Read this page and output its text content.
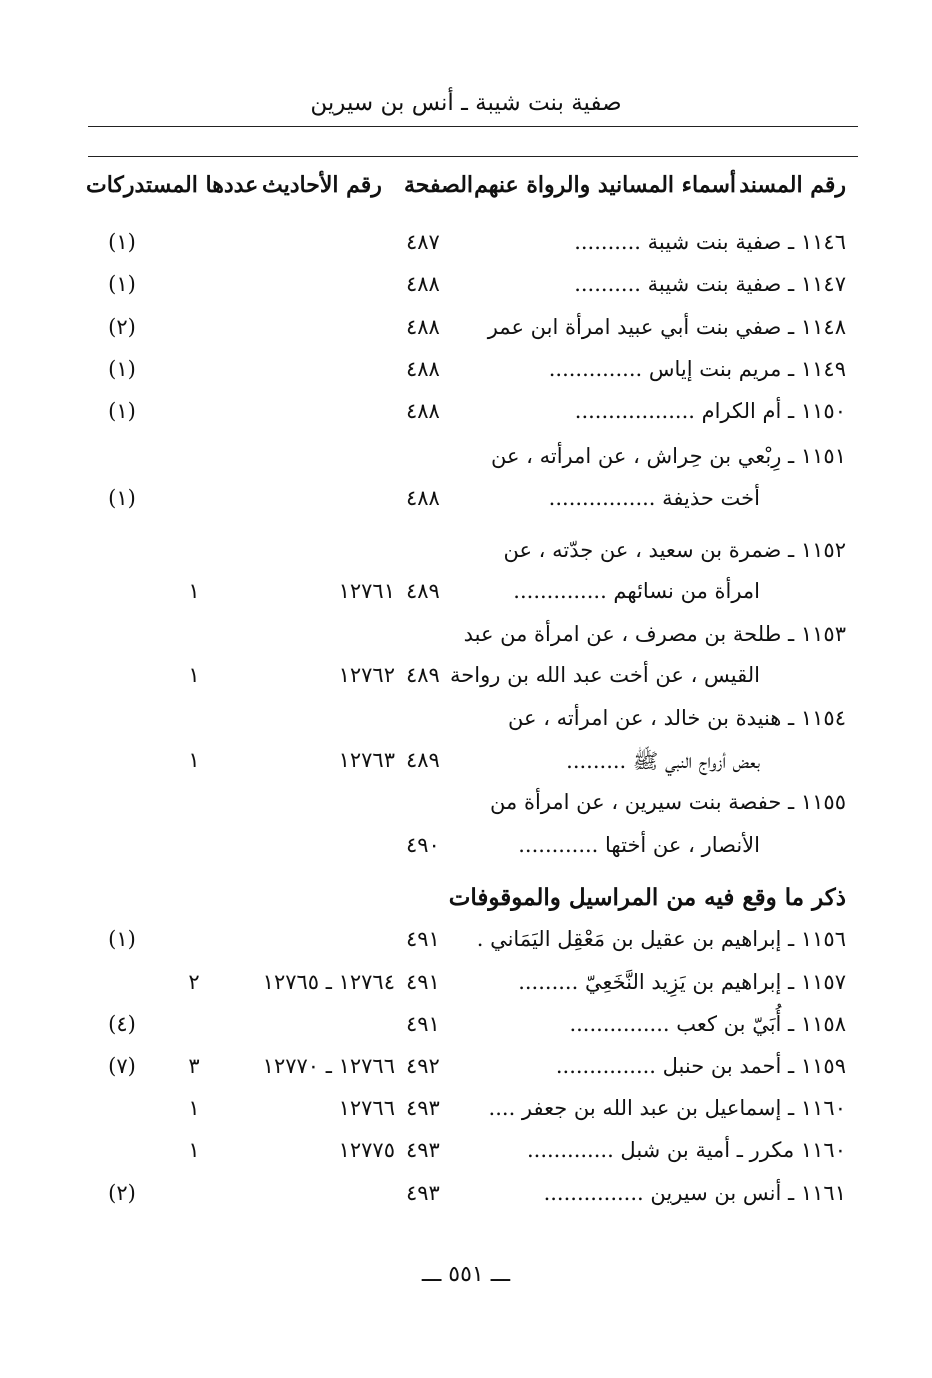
صفية بنت شيبة ـ أنس بن سيرين
رقم المسند
أسماء المسانيد والرواة عنهم
الصفحة
رقم الأحاديث
عددها المستدركات
١١٤٦ ـ صفية بنت شيبة ..........
٤٨٧
(١)
١١٤٧ ـ صفية بنت شيبة ..........
٤٨٨
(١)
١١٤٨ ـ صفي بنت أبي عبيد امرأة ابن عمر
٤٨٨
(٢)
١١٤٩ ـ مريم بنت إياس ..............
٤٨٨
(١)
١١٥٠ ـ أم الكرام ..................
٤٨٨
(١)
١١٥١ ـ رِبْعي بن حِراش ، عن امرأته ، عن
أخت حذيفة ................
٤٨٨
(١)
١١٥٢ ـ ضمرة بن سعيد ، عن جدّته ، عن
امرأة من نسائهم ..............
٤٨٩
١٢٧٦١
١
١١٥٣ ـ طلحة بن مصرف ، عن امرأة من عبد
القيس ، عن أخت عبد الله بن رواحة
٤٨٩
١٢٧٦٢
١
١١٥٤ ـ هنيدة بن خالد ، عن امرأته ، عن
بعض أزواج النبي ﷺ .........
٤٨٩
١٢٧٦٣
١
١١٥٥ ـ حفصة بنت سيرين ، عن امرأة من
الأنصار ، عن أختها ............
٤٩٠
ذكر ما وقع فيه من المراسيل والموقوفات
١١٥٦ ـ إبراهيم بن عقيل بن مَعْقِل اليَمَاني .
٤٩١
(١)
١١٥٧ ـ إبراهيم بن يَزِيد النَّخَعِيّ .........
٤٩١
١٢٧٦٤ ـ ١٢٧٦٥
٢
١١٥٨ ـ أُبَيّ بن كعب ...............
٤٩١
(٤)
١١٥٩ ـ أحمد بن حنبل ...............
٤٩٢
١٢٧٦٦ ـ ١٢٧٧٠
٣
(٧)
١١٦٠ ـ إسماعيل بن عبد الله بن جعفر ....
٤٩٣
١٢٧٦٦
١
١١٦٠ مكرر ـ أمية بن شبل .............
٤٩٣
١٢٧٧٥
١
١١٦١ ـ أنس بن سيرين ...............
٤٩٣
(٢)
ـــ ٥٥١ ـــ
